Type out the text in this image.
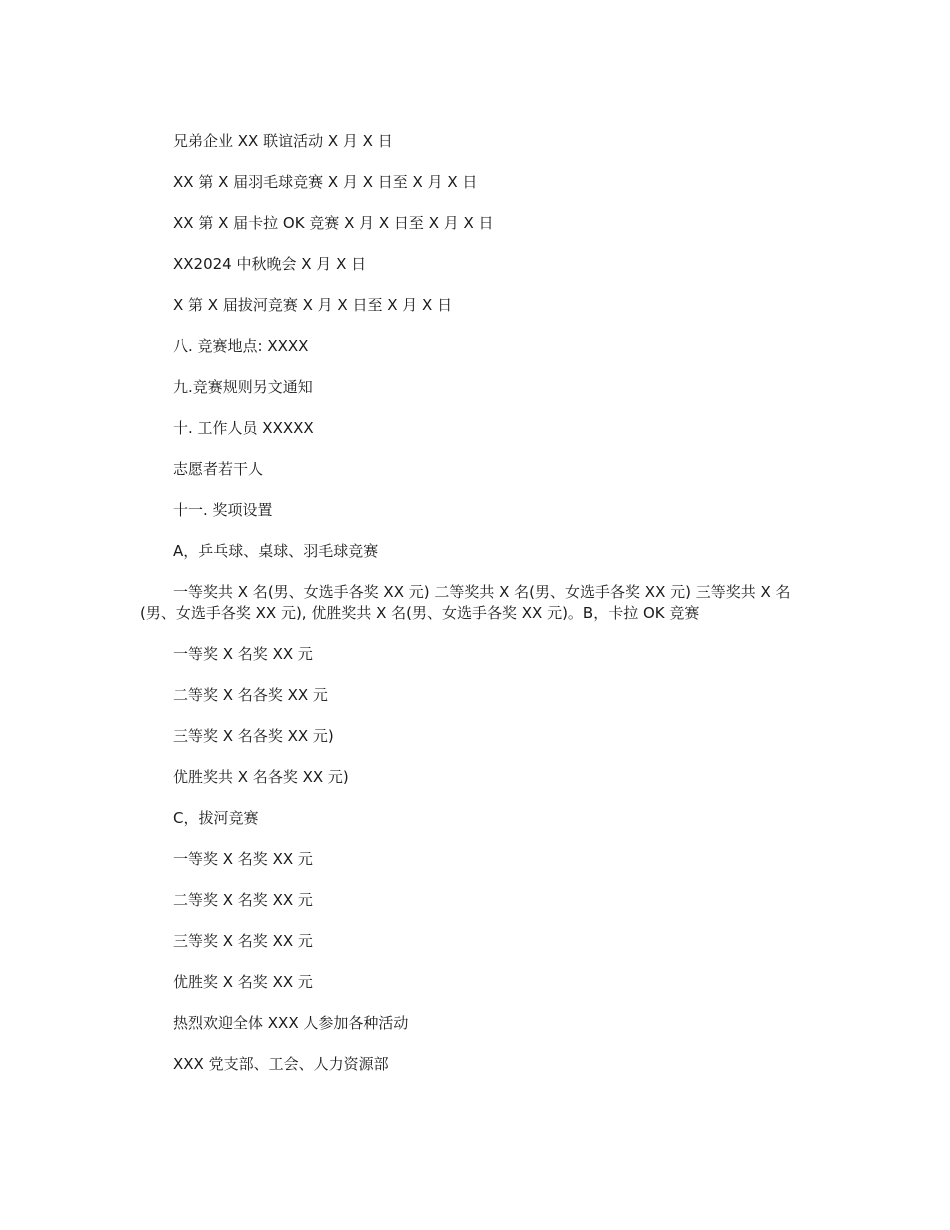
兄弟企业 XX 联谊活动 X 月 X 日

XX 第 X 届羽毛球竞赛 X 月 X 日至 X 月 X 日

XX 第 X 届卡拉 OK 竞赛 X 月 X 日至 X 月 X 日

XX2024 中秋晚会 X 月 X 日

X 第 X 届拔河竞赛 X 月 X 日至 X 月 X 日

八. 竞赛地点: XXXX

九.竞赛规则另文通知

十. 工作人员 XXXXX

志愿者若干人

十一. 奖项设置

A，乒乓球、桌球、羽毛球竞赛

一等奖共 X 名(男、女选手各奖 XX 元) 二等奖共 X 名(男、女选手各奖 XX 元) 三等奖共 X 名(男、女选手各奖 XX 元), 优胜奖共 X 名(男、女选手各奖 XX 元)。B，卡拉 OK 竞赛

一等奖 X 名奖 XX 元

二等奖 X 名各奖 XX 元

三等奖 X 名各奖 XX 元)

优胜奖共 X 名各奖 XX 元)

C，拔河竞赛

一等奖 X 名奖 XX 元

二等奖 X 名奖 XX 元

三等奖 X 名奖 XX 元

优胜奖 X 名奖 XX 元

热烈欢迎全体 XXX 人参加各种活动

XXX 党支部、工会、人力资源部
